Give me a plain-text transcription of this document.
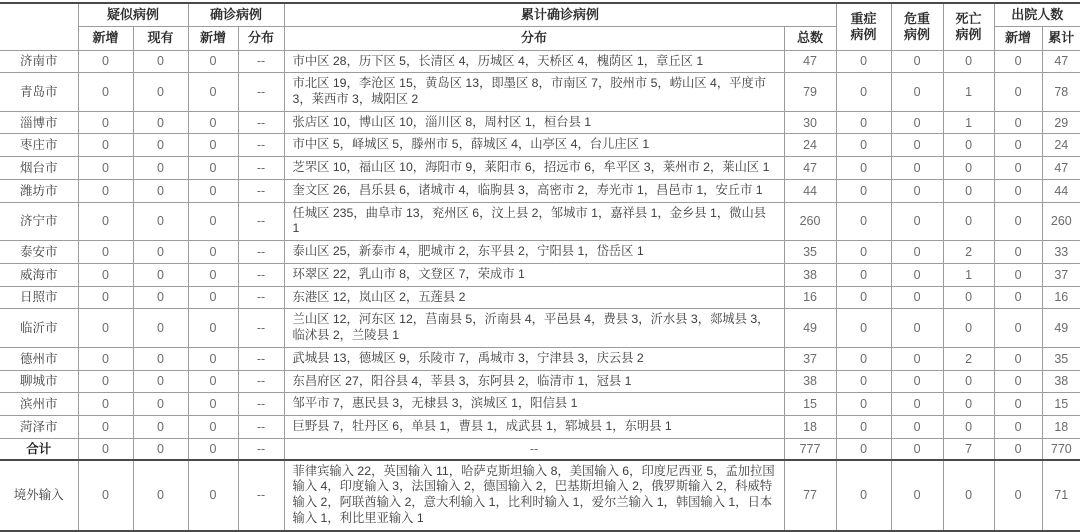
	疑似病例		确诊病例		累计确诊病例		重症病例	危重病例	死亡病例	出院人数	
	新增	现有	新增	分布	分布	总数				新增	累计
济南市	0	0	0	--	市中区 28，历下区 5，长清区 4，历城区 4，天桥区 4，槐荫区 1，章丘区 1	47	0	0	0	0	47
青岛市	0	0	0	--	市北区 19，李沧区 15，黄岛区 13，即墨区 8，市南区 7，胶州市 5，崂山区 4，平度市 3，莱西市 3，城阳区 2	79	0	0	1	0	78
淄博市	0	0	0	--	张店区 10，博山区 10，淄川区 8，周村区 1，桓台县 1	30	0	0	1	0	29
枣庄市	0	0	0	--	市中区 5，峄城区 5，滕州市 5，薛城区 4，山亭区 4，台儿庄区 1	24	0	0	0	0	24
烟台市	0	0	0	--	芝罘区 10，福山区 10，海阳市 9，莱阳市 6，招远市 6，牟平区 3，莱州市 2，莱山区 1	47	0	0	0	0	47
潍坊市	0	0	0	--	奎文区 26，昌乐县 6，诸城市 4，临朐县 3，高密市 2，寿光市 1，昌邑市 1，安丘市 1	44	0	0	0	0	44
济宁市	0	0	0	--	任城区 235，曲阜市 13，兖州区 6，汶上县 2，邹城市 1，嘉祥县 1，金乡县 1，微山县 1	260	0	0	0	0	260
泰安市	0	0	0	--	泰山区 25，新泰市 4，肥城市 2，东平县 2，宁阳县 1，岱岳区 1	35	0	0	2	0	33
威海市	0	0	0	--	环翠区 22，乳山市 8，文登区 7，荣成市 1	38	0	0	1	0	37
日照市	0	0	0	--	东港区 12，岚山区 2，五莲县 2	16	0	0	0	0	16
临沂市	0	0	0	--	兰山区 12，河东区 12，莒南县 5，沂南县 4，平邑县 4，费县 3，沂水县 3，郯城县 3，临沭县 2，兰陵县 1	49	0	0	0	0	49
德州市	0	0	0	--	武城县 13，德城区 9，乐陵市 7，禹城市 3，宁津县 3，庆云县 2	37	0	0	2	0	35
聊城市	0	0	0	--	东昌府区 27，阳谷县 4，莘县 3，东阿县 2，临清市 1，冠县 1	38	0	0	0	0	38
滨州市	0	0	0	--	邹平市 7，惠民县 3，无棣县 3，滨城区 1，阳信县 1	15	0	0	0	0	15
菏泽市	0	0	0	--	巨野县 7，牡丹区 6，单县 1，曹县 1，成武县 1，郓城县 1，东明县 1	18	0	0	0	0	18
合计	0	0	0	--	--	777	0	0	7	0	770
境外输入	0	0	0	--	菲律宾输入 22，英国输入 11，哈萨克斯坦输入 8，美国输入 6，印度尼西亚 5，孟加拉国输入 4，印度输入 3，法国输入 2，德国输入 2，巴基斯坦输入 2，俄罗斯输入 2，科威特输入 2，阿联酋输入 2，意大利输入 1，比利时输入 1，爱尔兰输入 1，韩国输入 1，日本输入 1，利比里亚输入 1	77	0	0	0	0	71
